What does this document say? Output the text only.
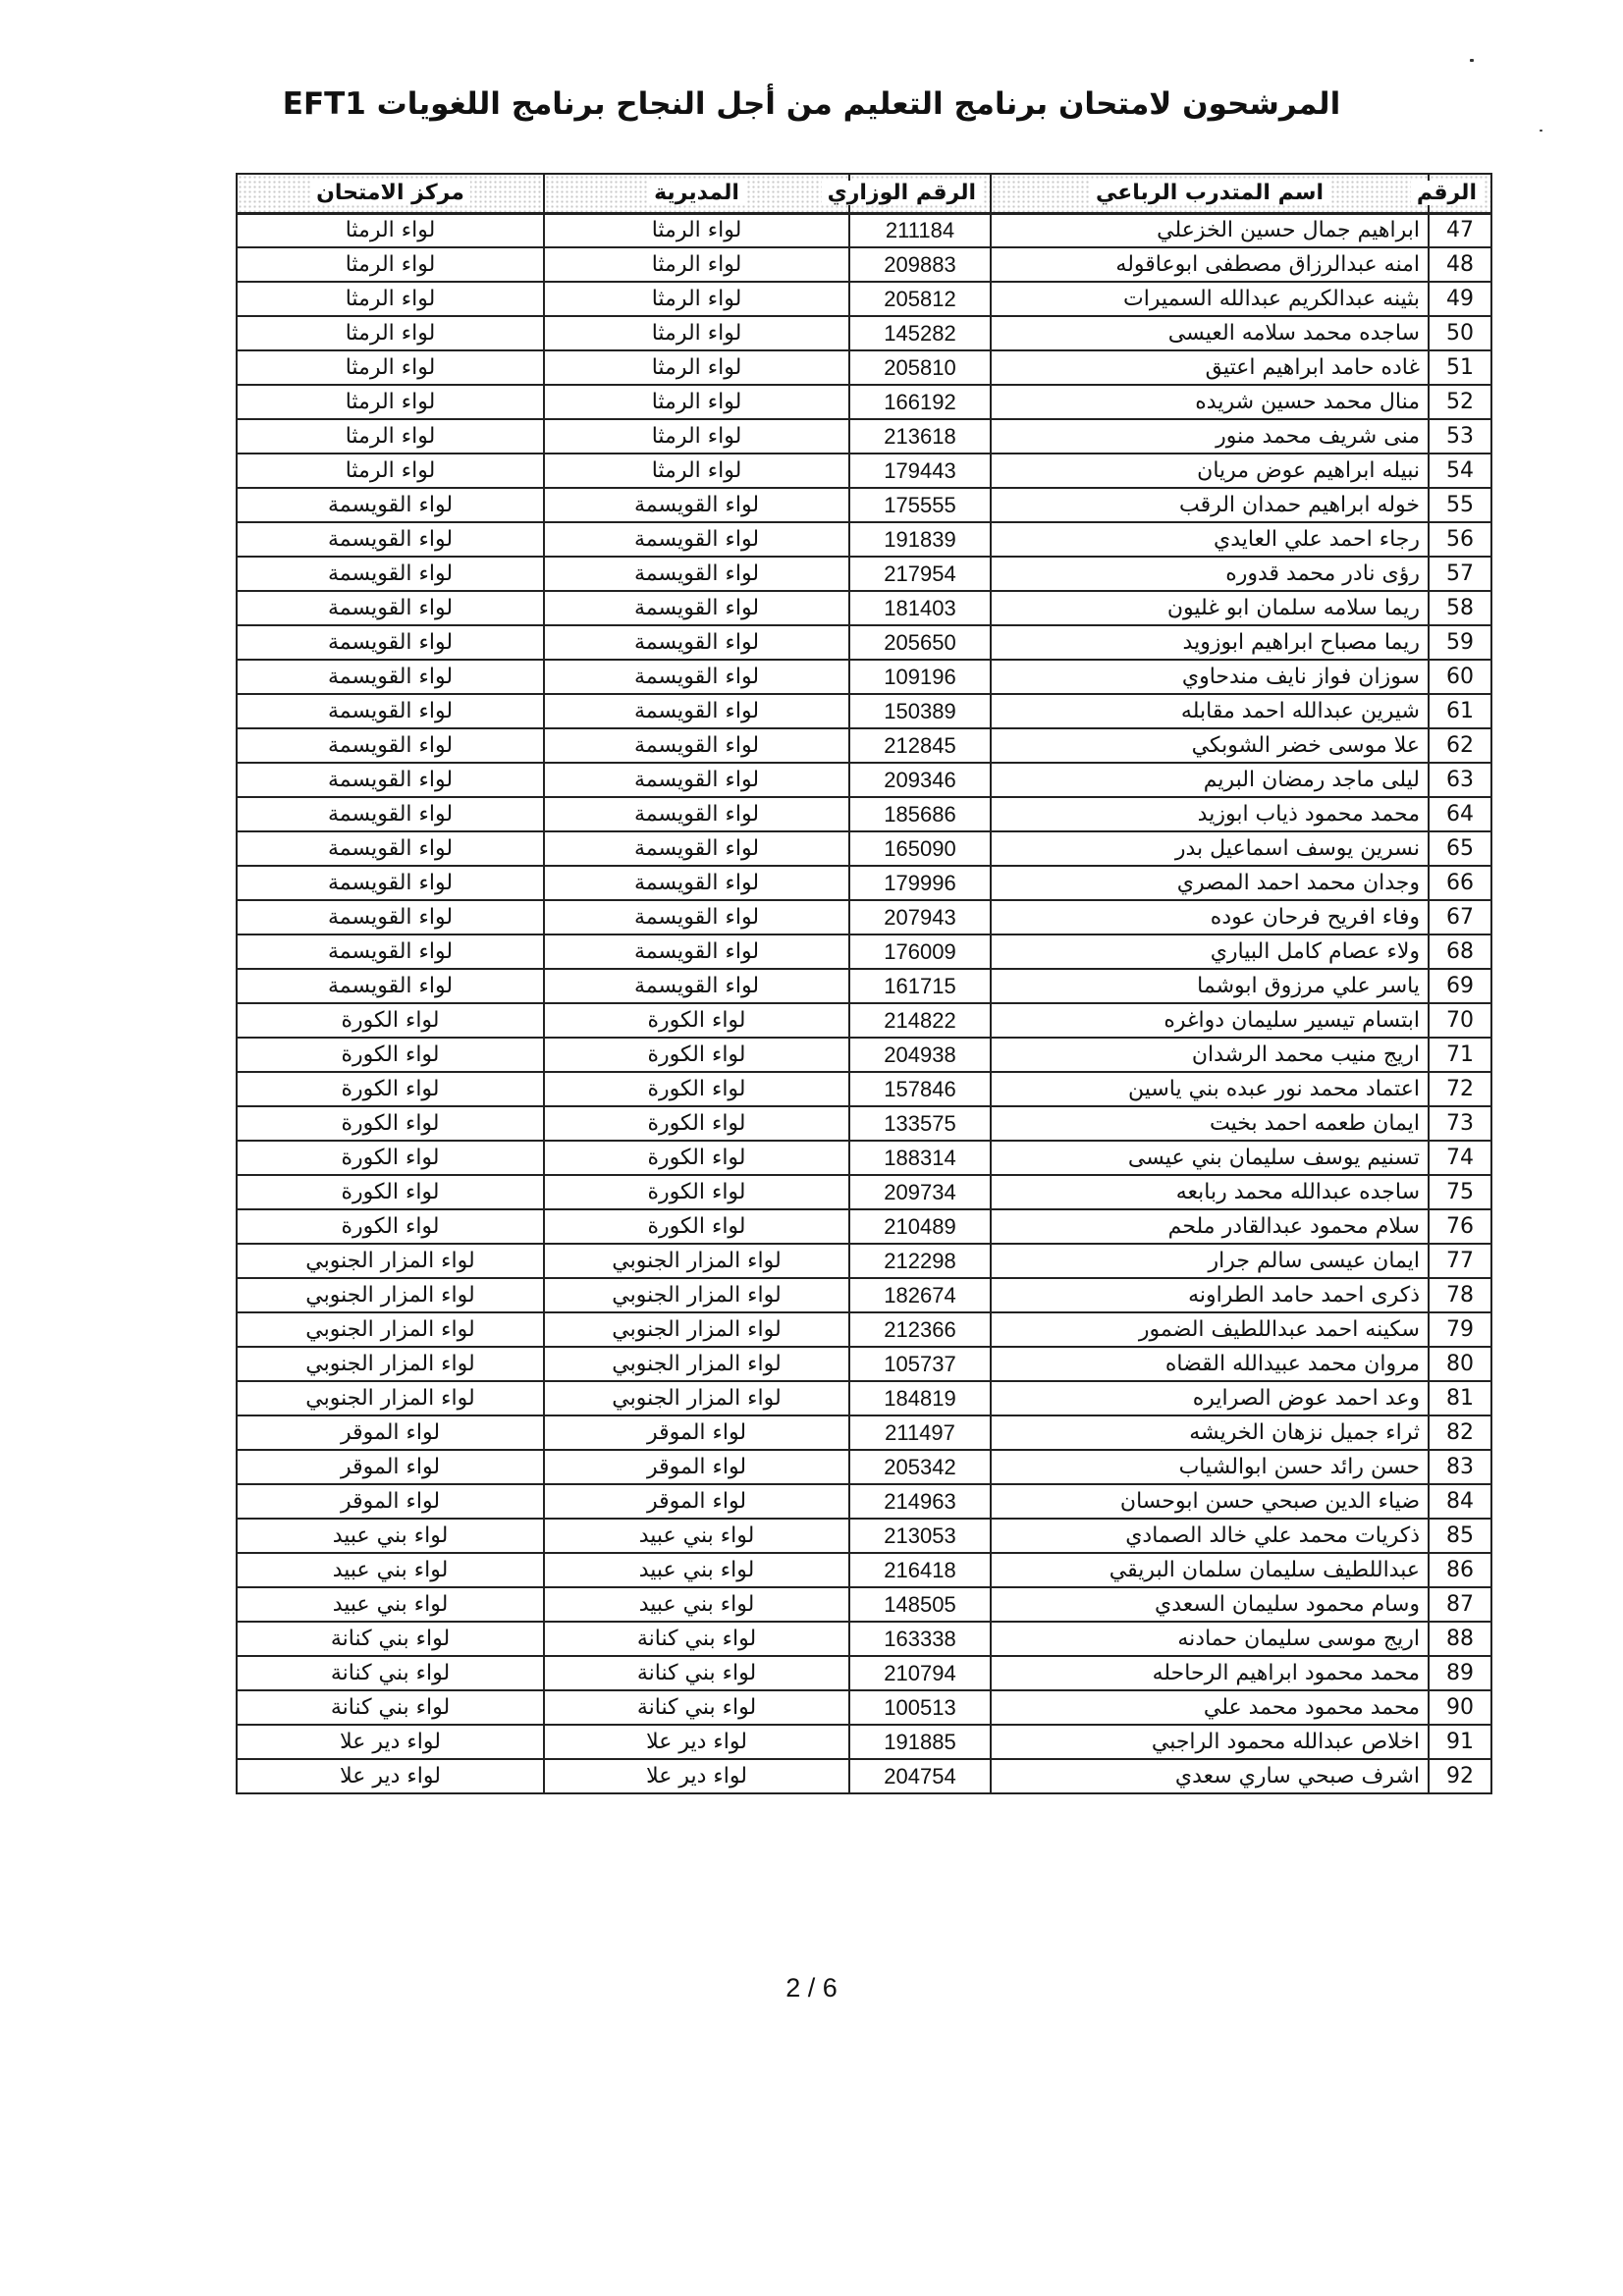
المرشحون لامتحان برنامج التعليم من أجل النجاح برنامج اللغويات EFT1
الرقم	اسم المتدرب الرباعي	الرقم الوزاري	المديرية	مركز الامتحان
47	ابراهيم جمال حسين الخزعلي	211184	لواء الرمثا	لواء الرمثا
48	امنه عبدالرزاق مصطفى ابوعاقوله	209883	لواء الرمثا	لواء الرمثا
49	بثينه عبدالكريم عبدالله السميرات	205812	لواء الرمثا	لواء الرمثا
50	ساجده محمد سلامه العيسى	145282	لواء الرمثا	لواء الرمثا
51	غاده حامد ابراهيم اعتيق	205810	لواء الرمثا	لواء الرمثا
52	منال محمد حسين شريده	166192	لواء الرمثا	لواء الرمثا
53	منى شريف محمد منور	213618	لواء الرمثا	لواء الرمثا
54	نبيله ابراهيم عوض مريان	179443	لواء الرمثا	لواء الرمثا
55	خوله ابراهيم حمدان الرقب	175555	لواء القويسمة	لواء القويسمة
56	رجاء احمد علي العايدي	191839	لواء القويسمة	لواء القويسمة
57	رؤى نادر محمد قدوره	217954	لواء القويسمة	لواء القويسمة
58	ريما سلامه سلمان ابو غليون	181403	لواء القويسمة	لواء القويسمة
59	ريما مصباح ابراهيم ابوزويد	205650	لواء القويسمة	لواء القويسمة
60	سوزان فواز نايف مندحاوي	109196	لواء القويسمة	لواء القويسمة
61	شيرين عبدالله احمد مقابله	150389	لواء القويسمة	لواء القويسمة
62	علا موسى خضر الشوبكي	212845	لواء القويسمة	لواء القويسمة
63	ليلى ماجد رمضان البريم	209346	لواء القويسمة	لواء القويسمة
64	محمد محمود ذياب ابوزيد	185686	لواء القويسمة	لواء القويسمة
65	نسرين يوسف اسماعيل بدر	165090	لواء القويسمة	لواء القويسمة
66	وجدان محمد احمد المصري	179996	لواء القويسمة	لواء القويسمة
67	وفاء افريح فرحان عوده	207943	لواء القويسمة	لواء القويسمة
68	ولاء عصام كامل البياري	176009	لواء القويسمة	لواء القويسمة
69	ياسر علي مرزوق ابوشما	161715	لواء القويسمة	لواء القويسمة
70	ابتسام تيسير سليمان دواغره	214822	لواء الكورة	لواء الكورة
71	اريج منيب محمد الرشدان	204938	لواء الكورة	لواء الكورة
72	اعتماد محمد نور عبده بني ياسين	157846	لواء الكورة	لواء الكورة
73	ايمان طعمه احمد بخيت	133575	لواء الكورة	لواء الكورة
74	تسنيم يوسف سليمان بني عيسى	188314	لواء الكورة	لواء الكورة
75	ساجده عبدالله محمد ربابعه	209734	لواء الكورة	لواء الكورة
76	سلام محمود عبدالقادر ملحم	210489	لواء الكورة	لواء الكورة
77	ايمان عيسى سالم جرار	212298	لواء المزار الجنوبي	لواء المزار الجنوبي
78	ذكرى احمد حامد الطراونه	182674	لواء المزار الجنوبي	لواء المزار الجنوبي
79	سكينه احمد عبداللطيف الضمور	212366	لواء المزار الجنوبي	لواء المزار الجنوبي
80	مروان محمد عبيدالله القضاه	105737	لواء المزار الجنوبي	لواء المزار الجنوبي
81	وعد احمد عوض الصرايره	184819	لواء المزار الجنوبي	لواء المزار الجنوبي
82	ثراء جميل نزهان الخريشه	211497	لواء الموقر	لواء الموقر
83	حسن رائد حسن ابوالشياب	205342	لواء الموقر	لواء الموقر
84	ضياء الدين صبحي حسن ابوحسان	214963	لواء الموقر	لواء الموقر
85	ذكريات محمد علي خالد الصمادي	213053	لواء بني عبيد	لواء بني عبيد
86	عبداللطيف سليمان سلمان البريقي	216418	لواء بني عبيد	لواء بني عبيد
87	وسام محمود سليمان السعدي	148505	لواء بني عبيد	لواء بني عبيد
88	اريج موسى سليمان حمادنه	163338	لواء بني كنانة	لواء بني كنانة
89	محمد محمود ابراهيم الرحاحله	210794	لواء بني كنانة	لواء بني كنانة
90	محمد محمود محمد علي	100513	لواء بني كنانة	لواء بني كنانة
91	اخلاص عبدالله محمود الراجبي	191885	لواء دير علا	لواء دير علا
92	اشرف صبحي ساري سعدي	204754	لواء دير علا	لواء دير علا
2 / 6
